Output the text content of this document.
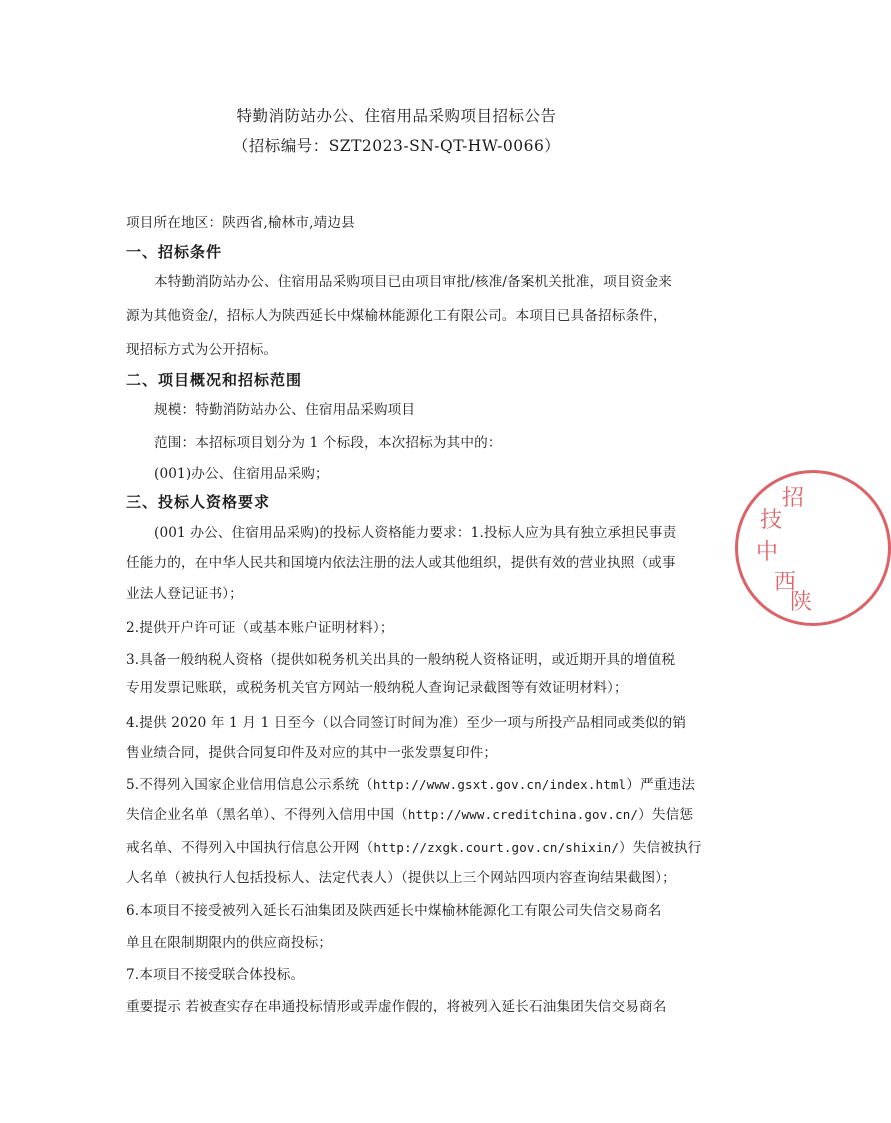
特勤消防站办公、住宿用品采购项目招标公告
（招标编号：SZT2023-SN-QT-HW-0066）
项目所在地区：陕西省,榆林市,靖边县
一、招标条件
本特勤消防站办公、住宿用品采购项目已由项目审批/核准/备案机关批准，项目资金来
源为其他资金/，招标人为陕西延长中煤榆林能源化工有限公司。本项目已具备招标条件，
现招标方式为公开招标。
二、项目概况和招标范围
规模：特勤消防站办公、住宿用品采购项目
范围：本招标项目划分为 1 个标段，本次招标为其中的：
(001)办公、住宿用品采购；
三、投标人资格要求
(001 办公、住宿用品采购)的投标人资格能力要求：1.投标人应为具有独立承担民事责
任能力的，在中华人民共和国境内依法注册的法人或其他组织，提供有效的营业执照（或事
业法人登记证书）；
2.提供开户许可证（或基本账户证明材料）；
3.具备一般纳税人资格（提供如税务机关出具的一般纳税人资格证明，或近期开具的增值税
专用发票记账联，或税务机关官方网站一般纳税人查询记录截图等有效证明材料）；
4.提供 2020 年 1 月 1 日至今（以合同签订时间为准）至少一项与所投产品相同或类似的销
售业绩合同，提供合同复印件及对应的其中一张发票复印件；
5.不得列入国家企业信用信息公示系统（http://www.gsxt.gov.cn/index.html）严重违法
失信企业名单（黑名单）、不得列入信用中国（http://www.creditchina.gov.cn/）失信惩
戒名单、不得列入中国执行信息公开网（http://zxgk.court.gov.cn/shixin/）失信被执行
人名单（被执行人包括投标人、法定代表人）（提供以上三个网站四项内容查询结果截图）；
6.本项目不接受被列入延长石油集团及陕西延长中煤榆林能源化工有限公司失信交易商名
单且在限制期限内的供应商投标；
7.本项目不接受联合体投标。
重要提示 若被查实存在串通投标情形或弄虚作假的，将被列入延长石油集团失信交易商名
西
中
技
招
陕
